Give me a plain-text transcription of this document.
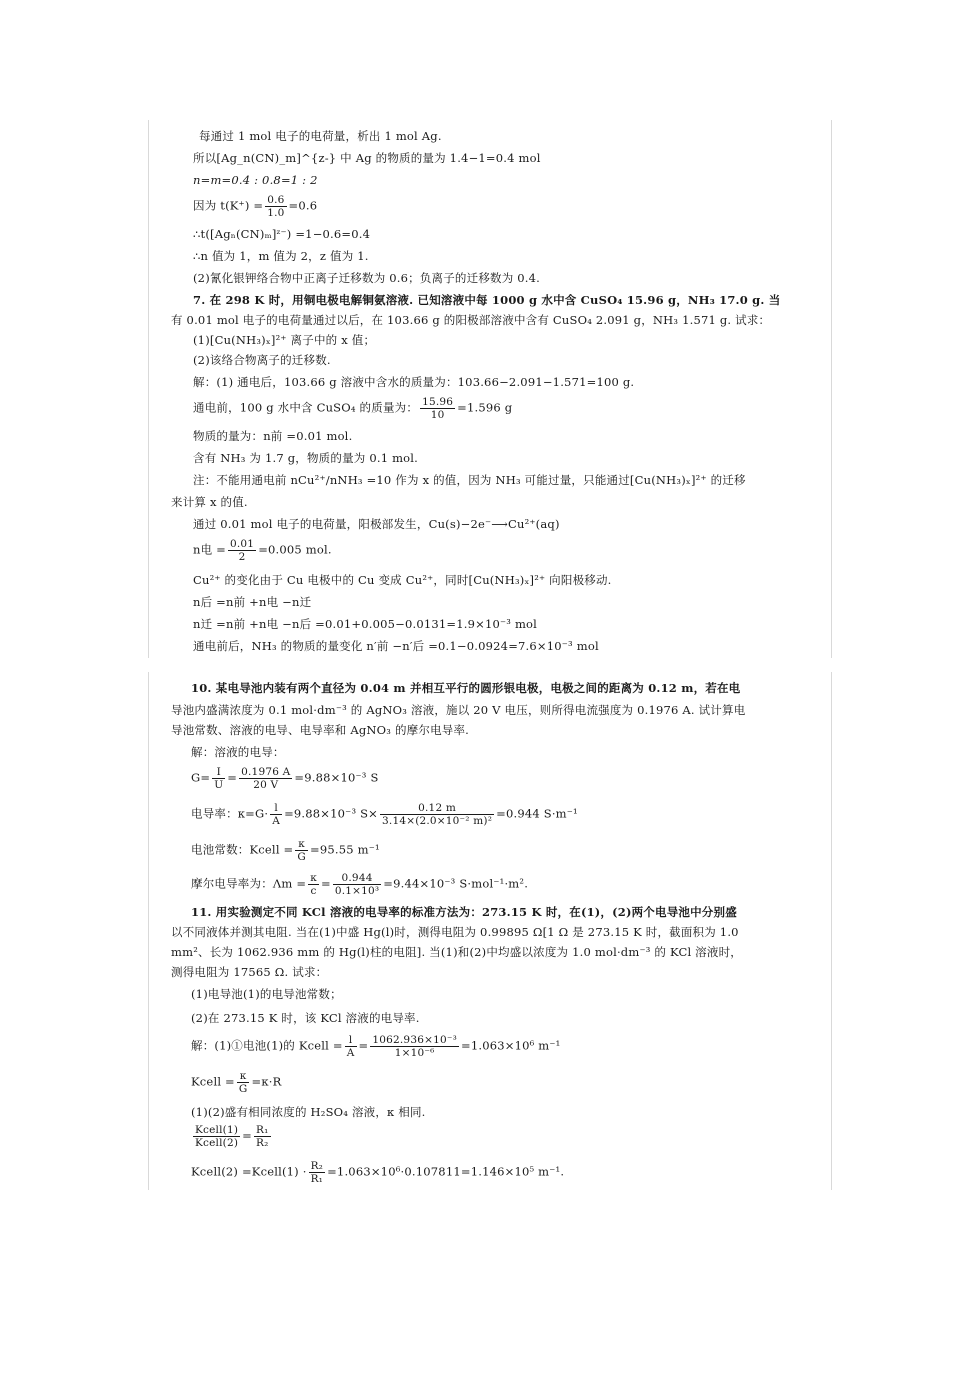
每通过 1 mol 电子的电荷量，析出 1 mol Ag.
所以[Ag_n(CN)_m]^{z-} 中 Ag 的物质的量为 1.4−1=0.4 mol
n=m=0.4 : 0.8=1 : 2
因为 $t(K^+) = \frac{0.6}{1.0} =0.6$
∴t([Agₙ(CN)ₘ]ᶻ⁻) =1−0.6=0.4
∴n 值为 1，m 值为 2，z 值为 1.
(2)氰化银钾络合物中正离子迁移数为 0.6；负离子的迁移数为 0.4.
7. 在 298 K 时，用铜电极电解铜氨溶液. 已知溶液中每 1000 g 水中含 CuSO₄ 15.96 g，NH₃ 17.0 g. 当
有 0.01 mol 电子的电荷量通过以后，在 103.66 g 的阳极部溶液中含有 CuSO₄ 2.091 g，NH₃ 1.571 g. 试求：
(1)[Cu(NH₃)ₓ]²⁺ 离子中的 x 值；
(2)该络合物离子的迁移数.
解：(1) 通电后，103.66 g 溶液中含水的质量为：103.66−2.091−1.571=100 g.
通电前，100 g 水中含 CuSO₄ 的质量为： $\frac{15.96}{10} =1.596$ g
物质的量为：n前 =0.01 mol.
含有 NH₃ 为 1.7 g，物质的量为 0.1 mol.
注：不能用通电前 nCu²⁺/nNH₃ =10 作为 x 的值，因为 NH₃ 可能过量，只能通过[Cu(NH₃)ₓ]²⁺ 的迁移
来计算 x 的值.
通过 0.01 mol 电子的电荷量，阳极部发生，Cu(s)−2e⁻⟶Cu²⁺(aq)
n电 = $\frac{0.01}{2} =0.005$ mol.
Cu²⁺ 的变化由于 Cu 电极中的 Cu 变成 Cu²⁺，同时[Cu(NH₃)ₓ]²⁺ 向阳极移动.
n后 =n前 +n电 −n迁
n迁 =n前 +n电 −n后 =0.01+0.005−0.0131=1.9×10⁻³ mol
通电前后，NH₃ 的物质的量变化 n′前 −n′后 =0.1−0.0924=7.6×10⁻³ mol
10. 某电导池内装有两个直径为 0.04 m 并相互平行的圆形银电极，电极之间的距离为 0.12 m，若在电
导池内盛满浓度为 0.1 mol·dm⁻³ 的 AgNO₃ 溶液，施以 20 V 电压，则所得电流强度为 0.1976 A. 试计算电
导池常数、溶液的电导、电导率和 AgNO₃ 的摩尔电导率.
解：溶液的电导：
$G= \frac{I}{U} = \frac{0.1976 A}{20 V} =9.88\times 10^{-3}$ S
电导率：$\kappa=G\cdot \frac{l}{A} =9.88\times 10^{-3}$ $S\times \frac{0.12 m}{\text{3.14×(2.0×10⁻² m)²}} =0.944$ S·m⁻¹
电池常数：Kcell = $\frac{\kappa}{G} =95.55$ m⁻¹
摩尔电导率为：$\Lambda m = \frac{\kappa}{c} = \frac{0.944}{\text{0.1×10³}} =9.44\times 10^{-3}$ S·mol⁻¹·m².
11. 用实验测定不同 KCl 溶液的电导率的标准方法为：273.15 K 时，在(1)，(2)两个电导池中分别盛
以不同液体并测其电阻. 当在(1)中盛 Hg(l)时，测得电阻为 0.99895 Ω[1 Ω 是 273.15 K 时，截面积为 1.0
mm²、长为 1062.936 mm 的 Hg(l)柱的电阻]. 当(1)和(2)中均盛以浓度为 1.0 mol·dm⁻³ 的 KCl 溶液时，
测得电阻为 17565 Ω. 试求：
(1)电导池(1)的电导池常数；
(2)在 273.15 K 时，该 KCl 溶液的电导率.
解：(1)①电池(1)的 Kcell = $\frac{l}{A} = \frac{\text{1062.936×10⁻³}}{\text{1×10⁻⁶}} =1.063\times 10^6$ m⁻¹
Kcell = $\frac{\kappa}{G} =\kappa\cdot R$
(1)(2)盛有相同浓度的 H₂SO₄ 溶液，κ 相同.
$\frac{\text{Kcell(1)}}{\text{Kcell(2)}} = \frac{\text{R₁}}{\text{R₂}}$
Kcell(2) =Kcell(1) · $\frac{\text{R₂}}{\text{R₁}} =1.063\times 10^6\cdot 0.107811=1.146\times 10^5$ m⁻¹.
